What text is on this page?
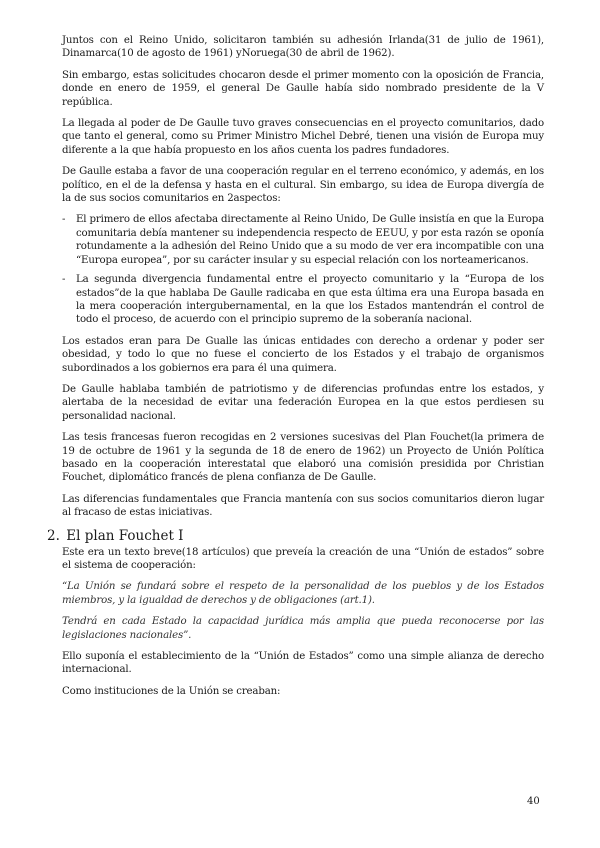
Juntos con el Reino Unido, solicitaron también su adhesión Irlanda(31 de julio de 1961), Dinamarca(10 de agosto de 1961) yNoruega(30 de abril de 1962).

Sin embargo, estas solicitudes chocaron desde el primer momento con la oposición de Francia, donde en enero de 1959, el general De Gaulle había sido nombrado presidente de la V república.

La llegada al poder de De Gaulle tuvo graves consecuencias en el proyecto comunitarios, dado que tanto el general, como su Primer Ministro Michel Debré, tienen una visión de Europa muy diferente a la que había propuesto en los años cuenta los padres fundadores.

De Gaulle estaba a favor de una cooperación regular en el terreno económico, y además, en los político, en el de la defensa y hasta en el cultural. Sin embargo, su idea de Europa divergía de la de sus socios comunitarios en 2aspectos:

- El primero de ellos afectaba directamente al Reino Unido, De Gulle insistía en que la Europa comunitaria debía mantener su independencia respecto de EEUU, y por esta razón se oponía rotundamente a la adhesión del Reino Unido que a su modo de ver era incompatible con una “Europa europea”, por su carácter insular y su especial relación con los norteamericanos.
- La segunda divergencia fundamental entre el proyecto comunitario y la “Europa de los estados”de la que hablaba De Gaulle radicaba en que esta última era una Europa basada en la mera cooperación intergubernamental, en la que los Estados mantendrán el control de todo el proceso, de acuerdo con el principio supremo de la soberanía nacional.

Los estados eran para De Gualle las únicas entidades con derecho a ordenar y poder ser obesidad, y todo lo que no fuese el concierto de los Estados y el trabajo de organismos subordinados a los gobiernos era para él una quimera.

De Gaulle hablaba también de patriotismo y de diferencias profundas entre los estados, y alertaba de la necesidad de evitar una federación Europea en la que estos perdiesen su personalidad nacional.

Las tesis francesas fueron recogidas en 2 versiones sucesivas del Plan Fouchet(la primera de 19 de octubre de 1961 y la segunda de 18 de enero de 1962) un Proyecto de Unión Política basado en la cooperación interestatal que elaboró una comisión presidida por Christian Fouchet, diplomático francés de plena confianza de De Gaulle.

Las diferencias fundamentales que Francia mantenía con sus socios comunitarios dieron lugar al fracaso de estas iniciativas.

2. El plan Fouchet I

Este era un texto breve(18 artículos) que preveía la creación de una “Unión de estados” sobre el sistema de cooperación:

“La Unión se fundará sobre el respeto de la personalidad de los pueblos y de los Estados miembros, y la igualdad de derechos y de obligaciones (art.1).

Tendrá en cada Estado la capacidad jurídica más amplia que pueda reconocerse por las legislaciones nacionales”.

Ello suponía el establecimiento de la “Unión de Estados” como una simple alianza de derecho internacional.

Como instituciones de la Unión se creaban:

40
